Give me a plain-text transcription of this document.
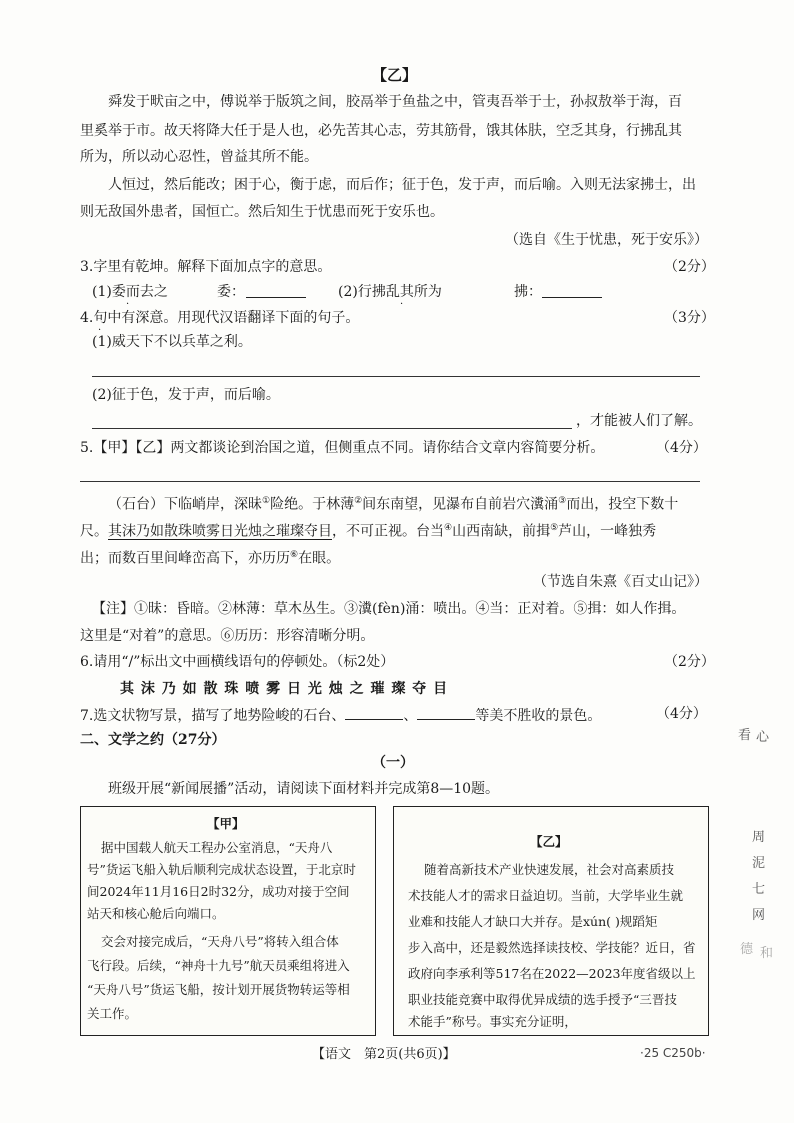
【乙】
舜发于畎亩之中，傅说举于版筑之间，胶鬲举于鱼盐之中，管夷吾举于士，孙叔敖举于海，百
里奚举于市。故天将降大任于是人也，必先苦其心志，劳其筋骨，饿其体肤，空乏其身，行拂乱其
所为，所以动心忍性，曾益其所不能。
人恒过，然后能改；困于心，衡于虑，而后作；征于色，发于声，而后喻。入则无法家拂士，出
则无敌国外患者，国恒亡。然后知生于忧患而死于安乐也。
（选自《生于忧患，死于安乐》）
3.字里有乾坤。解释下面加点字的意思。	（2分）
(1)委而去之
·
委：	(2)行拂乱其所为
·
拂：
4.句中有深意。用现代汉语翻译下面的句子。
·
（3分）
(1)威天下不以兵革之利。
(2)征于色，发于声，而后喻。
，才能被人们了解。
5.【甲】【乙】两文都谈论到治国之道，但侧重点不同。请你结合文章内容简要分析。	（4分）
（石台）下临峭岸，深昧①险绝。于林薄②间东南望，见瀑布自前岩穴瀵涌③而出，投空下数十
尺。其沫乃如散珠喷雾日光烛之璀璨夺目，不可正视。台当④山西南缺，前揖⑤芦山，一峰独秀
出；而数百里间峰峦高下，亦历历⑥在眼。
（节选自朱熹《百丈山记》）
【注】①昧：昏暗。②林薄：草木丛生。③瀵(fèn)涌：喷出。④当：正对着。⑤揖：如人作揖。
这里是“对着”的意思。⑥历历：形容清晰分明。
6.请用“/”标出文中画横线语句的停顿处。（标2处）	（2分）
其 沫 乃 如 散 珠 喷 雾 日 光 烛 之 璀 璨 夺 目
7.选文状物写景，描写了地势险峻的石台、	、	等美不胜收的景色。	（4分）
二、文学之约（27分）
（一）
班级开展“新闻展播”活动，请阅读下面材料并完成第8—10题。
【甲】
据中国载人航天工程办公室消息，“天舟八
号”货运飞船入轨后顺利完成状态设置，于北京时
间2024年11月16日2时32分，成功对接于空间
站天和核心舱后向端口。
交会对接完成后，“天舟八号”将转入组合体
飞行段。后续，“神舟十九号”航天员乘组将进入
“天舟八号”货运飞船，按计划开展货物转运等相
关工作。
【乙】
随着高新技术产业快速发展，社会对高素质技
术技能人才的需求日益迫切。当前，大学毕业生就
业难和技能人才缺口大并存。是xún( )规蹈矩
步入高中，还是毅然选择读技校、学技能？近日，省
政府向李承利等517名在2022—2023年度省级以上
职业技能竞赛中取得优异成绩的选手授予“三晋技
术能手”称号。事实充分证明，
【语文　第2页(共6页)】	·25 C250b·
看 心
周
泥
七
网
德 和
